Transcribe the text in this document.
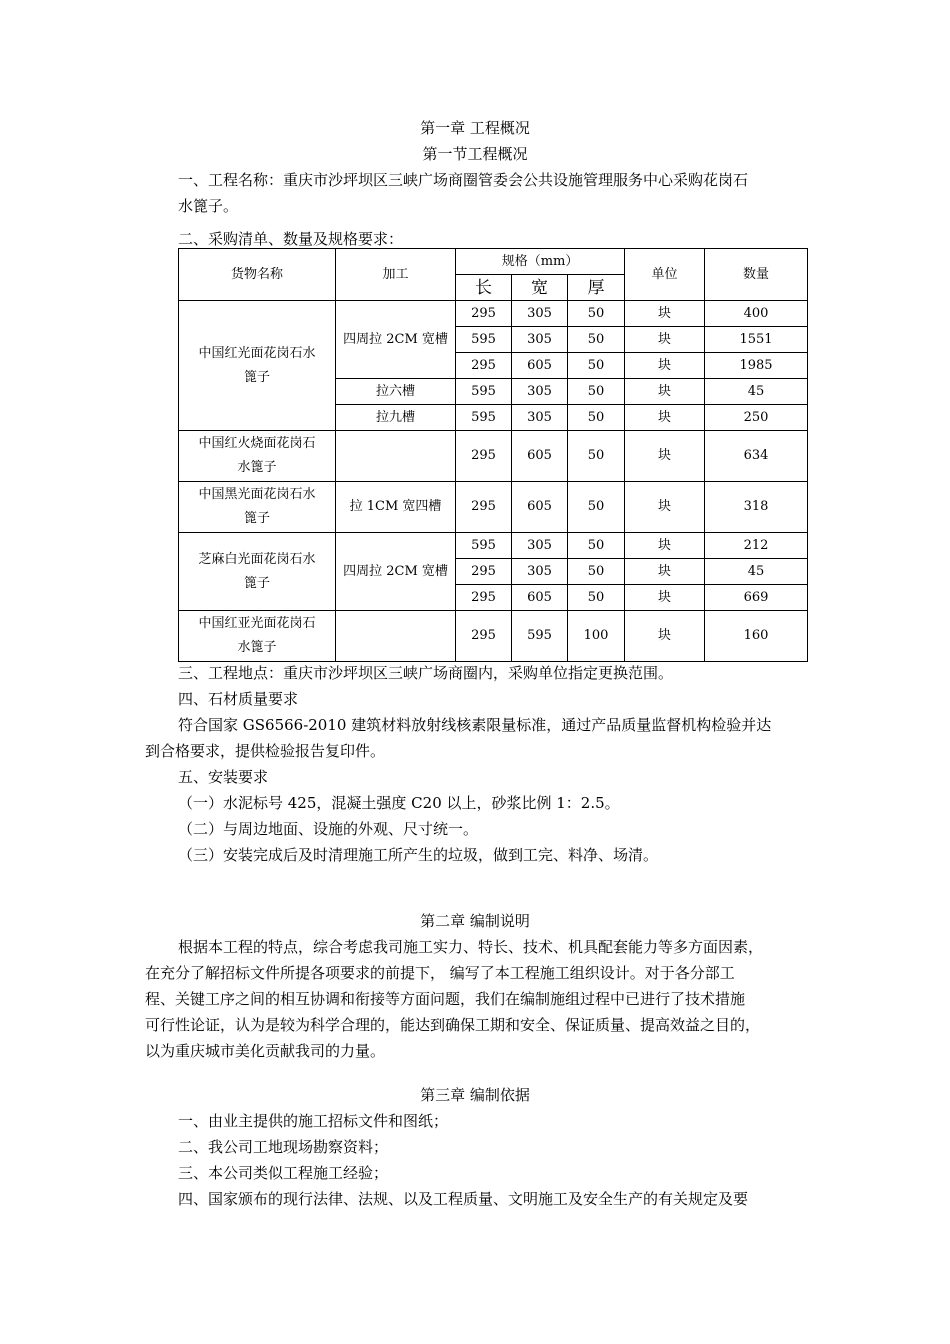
第一章 工程概况
第一节工程概况
一、工程名称：重庆市沙坪坝区三峡广场商圈管委会公共设施管理服务中心采购花岗石
水篦子。
二、采购清单、数量及规格要求：
货物名称	加工	规格（mm）			单位	数量
		长	宽	厚		

中国红光面花岗石水
篦子	四周拉 2CM 宽槽	295	305	50	块	400
		595	305	50	块	1551
		295	605	50	块	1985
	拉六槽	595	305	50	块	45
	拉九槽	595	305	50	块	250

中国红火烧面花岗石
水篦子		295	605	50	块	634

中国黑光面花岗石水
篦子	拉 1CM 宽四槽	295	605	50	块	318

芝麻白光面花岗石水
篦子	四周拉 2CM 宽槽	595	305	50	块	212
		295	305	50	块	45
		295	605	50	块	669

中国红亚光面花岗石
水篦子		295	595	100	块	160
三、工程地点：重庆市沙坪坝区三峡广场商圈内，采购单位指定更换范围。
四、石材质量要求
符合国家 GS6566-2010 建筑材料放射线核素限量标准，通过产品质量监督机构检验并达
到合格要求，提供检验报告复印件。
五、安装要求
（一）水泥标号 425，混凝土强度 C20 以上，砂浆比例 1：2.5。
（二）与周边地面、设施的外观、尺寸统一。
（三）安装完成后及时清理施工所产生的垃圾，做到工完、料净、场清。
第二章 编制说明
根据本工程的特点，综合考虑我司施工实力、特长、技术、机具配套能力等多方面因素，
在充分了解招标文件所提各项要求的前提下， 编写了本工程施工组织设计。对于各分部工
程、关键工序之间的相互协调和衔接等方面问题，我们在编制施组过程中已进行了技术措施
可行性论证，认为是较为科学合理的，能达到确保工期和安全、保证质量、提高效益之目的，
以为重庆城市美化贡献我司的力量。
第三章 编制依据
一、由业主提供的施工招标文件和图纸；
二、我公司工地现场勘察资料；
三、本公司类似工程施工经验；
四、国家颁布的现行法律、法规、以及工程质量、文明施工及安全生产的有关规定及要
